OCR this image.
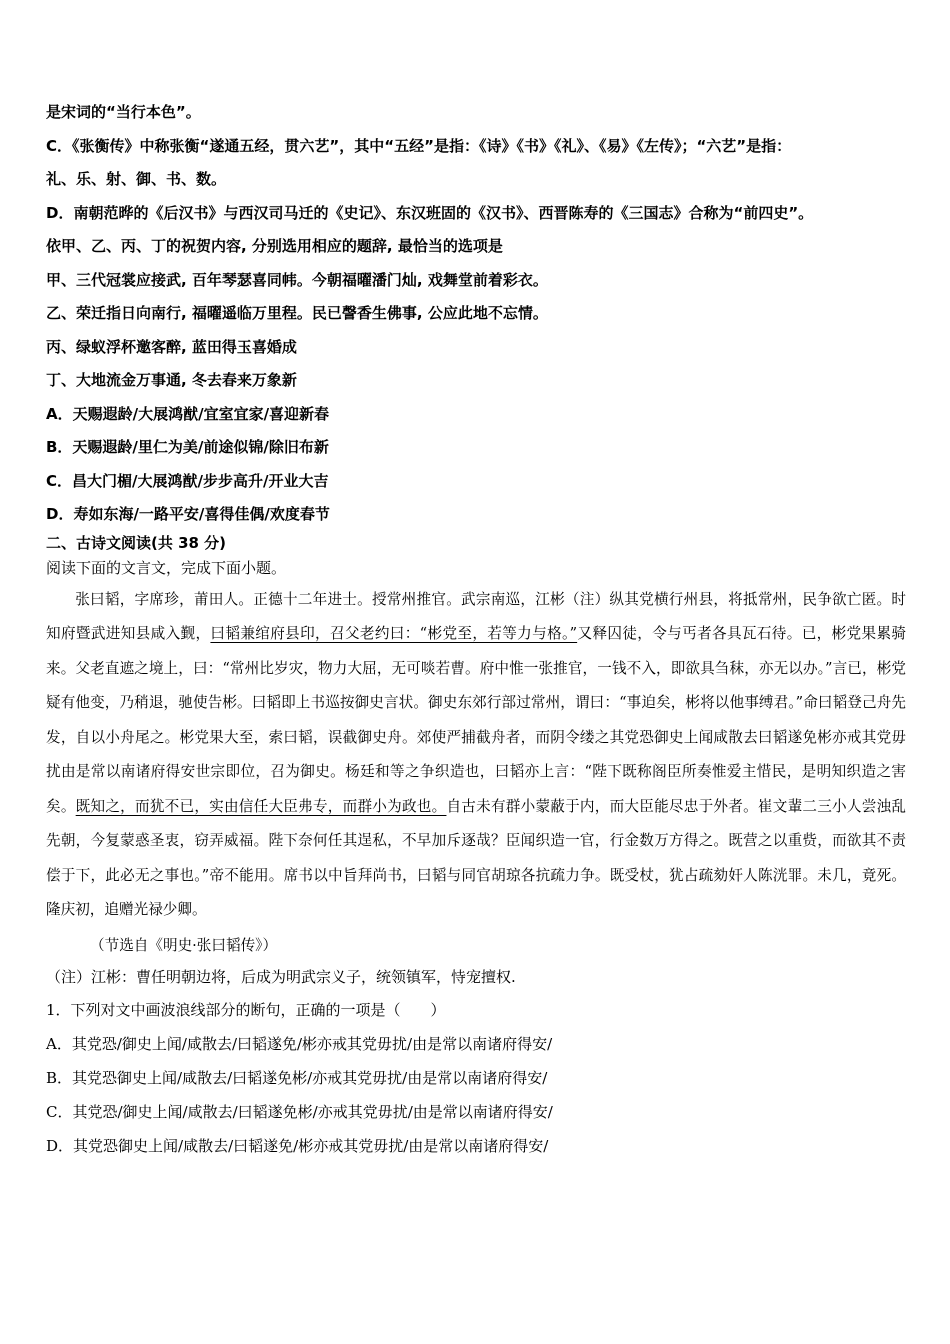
是宋词的“当行本色”。
C．《张衡传》中称张衡“遂通五经，贯六艺”，其中“五经”是指：《诗》《书》《礼》、《易》《左传》；“六艺”是指：
礼、乐、射、御、书、数。
D．南朝范晔的《后汉书》与西汉司马迁的《史记》、东汉班固的《汉书》、西晋陈寿的《三国志》合称为“前四史”。
依甲、乙、丙、丁的祝贺内容, 分别选用相应的题辞, 最恰当的选项是
甲、三代冠裳应接武, 百年琴瑟喜同帏。今朝福曜潘门灿, 戏舞堂前着彩衣。
乙、荣迁指日向南行, 福曜遥临万里程。民已謦香生佛事, 公应此地不忘情。
丙、绿蚁浮杯邀客醉, 蓝田得玉喜婚成
丁、大地流金万事通, 冬去春来万象新
A．天赐遐龄/大展鸿猷/宜室宜家/喜迎新春
B．天赐遐龄/里仁为美/前途似锦/除旧布新
C．昌大门楣/大展鸿猷/步步高升/开业大吉
D．寿如东海/一路平安/喜得佳偶/欢度春节
二、古诗文阅读(共 38 分)
阅读下面的文言文，完成下面小题。

张曰韬，字席珍，莆田人。正德十二年进士。授常州推官。武宗南巡，江彬（注）纵其党横行州县，将抵常州，民争欲亡匿。时知府暨武进知县咸入觐，曰韬兼绾府县印，召父老约曰：“彬党至，若等力与格。”又释囚徒，令与丐者各具瓦石待。已，彬党果累骑来。父老直遮之境上，曰：“常州比岁灾，物力大屈，无可啖若曹。府中惟一张推官，一钱不入，即欲具刍秣，亦无以办。”言已，彬党疑有他变，乃稍退，驰使告彬。曰韬即上书巡按御史言状。御史东郊行部过常州，谓曰：“事迫矣，彬将以他事缚君。”命曰韬登己舟先发，自以小舟尾之。彬党果大至，索曰韬，误截御史舟。郊使严捕截舟者，而阴令缕之其党恐御史上闻咸散去曰韬遂免彬亦戒其党毋扰由是常以南诸府得安世宗即位，召为御史。杨廷和等之争织造也，曰韬亦上言：“陛下既称阁臣所奏惟爱主惜民，是明知织造之害矣。既知之，而犹不已，实由信任大臣弗专，而群小为政也。自古未有群小蒙蔽于内，而大臣能尽忠于外者。崔文輩二三小人尝浊乱先朝，今复蒙惑圣衷，窃弄威福。陛下奈何任其逞私，不早加斥逐哉？臣闻织造一官，行金数万方得之。既营之以重赀，而欲其不责偿于下，此必无之事也。”帝不能用。席书以中旨拜尚书，曰韬与同官胡琼各抗疏力争。既受杖，犹占疏劾奸人陈洸罪。未几，竟死。隆庆初，追赠光禄少卿。

（节选自《明史·张曰韬传》）
（注）江彬：曹任明朝边将，后成为明武宗义子，统领镇军，恃宠擅权.
1．下列对文中画波浪线部分的断句，正确的一项是（　　）
A．其党恐/御史上闻/咸散去/曰韬遂免/彬亦戒其党毋扰/由是常以南诸府得安/
B．其党恐御史上闻/咸散去/曰韬遂免彬/亦戒其党毋扰/由是常以南诸府得安/
C．其党恐/御史上闻/咸散去/曰韬遂免彬/亦戒其党毋扰/由是常以南诸府得安/
D．其党恐御史上闻/咸散去/曰韬遂免/彬亦戒其党毋扰/由是常以南诸府得安/
